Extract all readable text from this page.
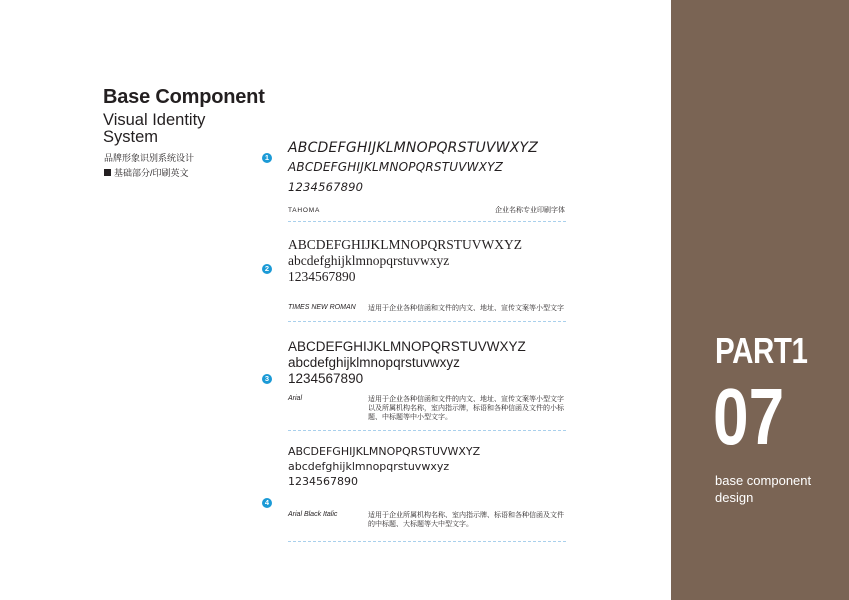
Base Component
Visual Identity System
品牌形象识别系统设计
基础部分/印刷英文
1
ABCDEFGHIJKLMNOPQRSTUVWXYZ
ABCDEFGHIJKLMNOPQRSTUVWXYZ
1234567890
TAHOMA	企业名称专业印刷字体
2
ABCDEFGHIJKLMNOPQRSTUVWXYZ
abcdefghijklmnopqrstuvwxyz
1234567890
TIMES NEW ROMAN 适用于企业各种信函和文件的内文、地址、宣传文案等小型文字
3
ABCDEFGHIJKLMNOPQRSTUVWXYZ
abcdefghijklmnopqrstuvwxyz
1234567890
Arial	适用于企业各种信函和文件的内文、地址、宣传文案等小型文字以及所属机构名称，室内指示牌，标语和各种信函及文件的小标题、中标题等中小型文字。
4
ABCDEFGHIJKLMNOPQRSTUVWXYZ
abcdefghijklmnopqrstuvwxyz
1234567890
Arial Black Italic	适用于企业所属机构名称、室内指示牌、标语和各种信函及文件的中标题、大标题等大中型文字。
PART1
07
base component design
